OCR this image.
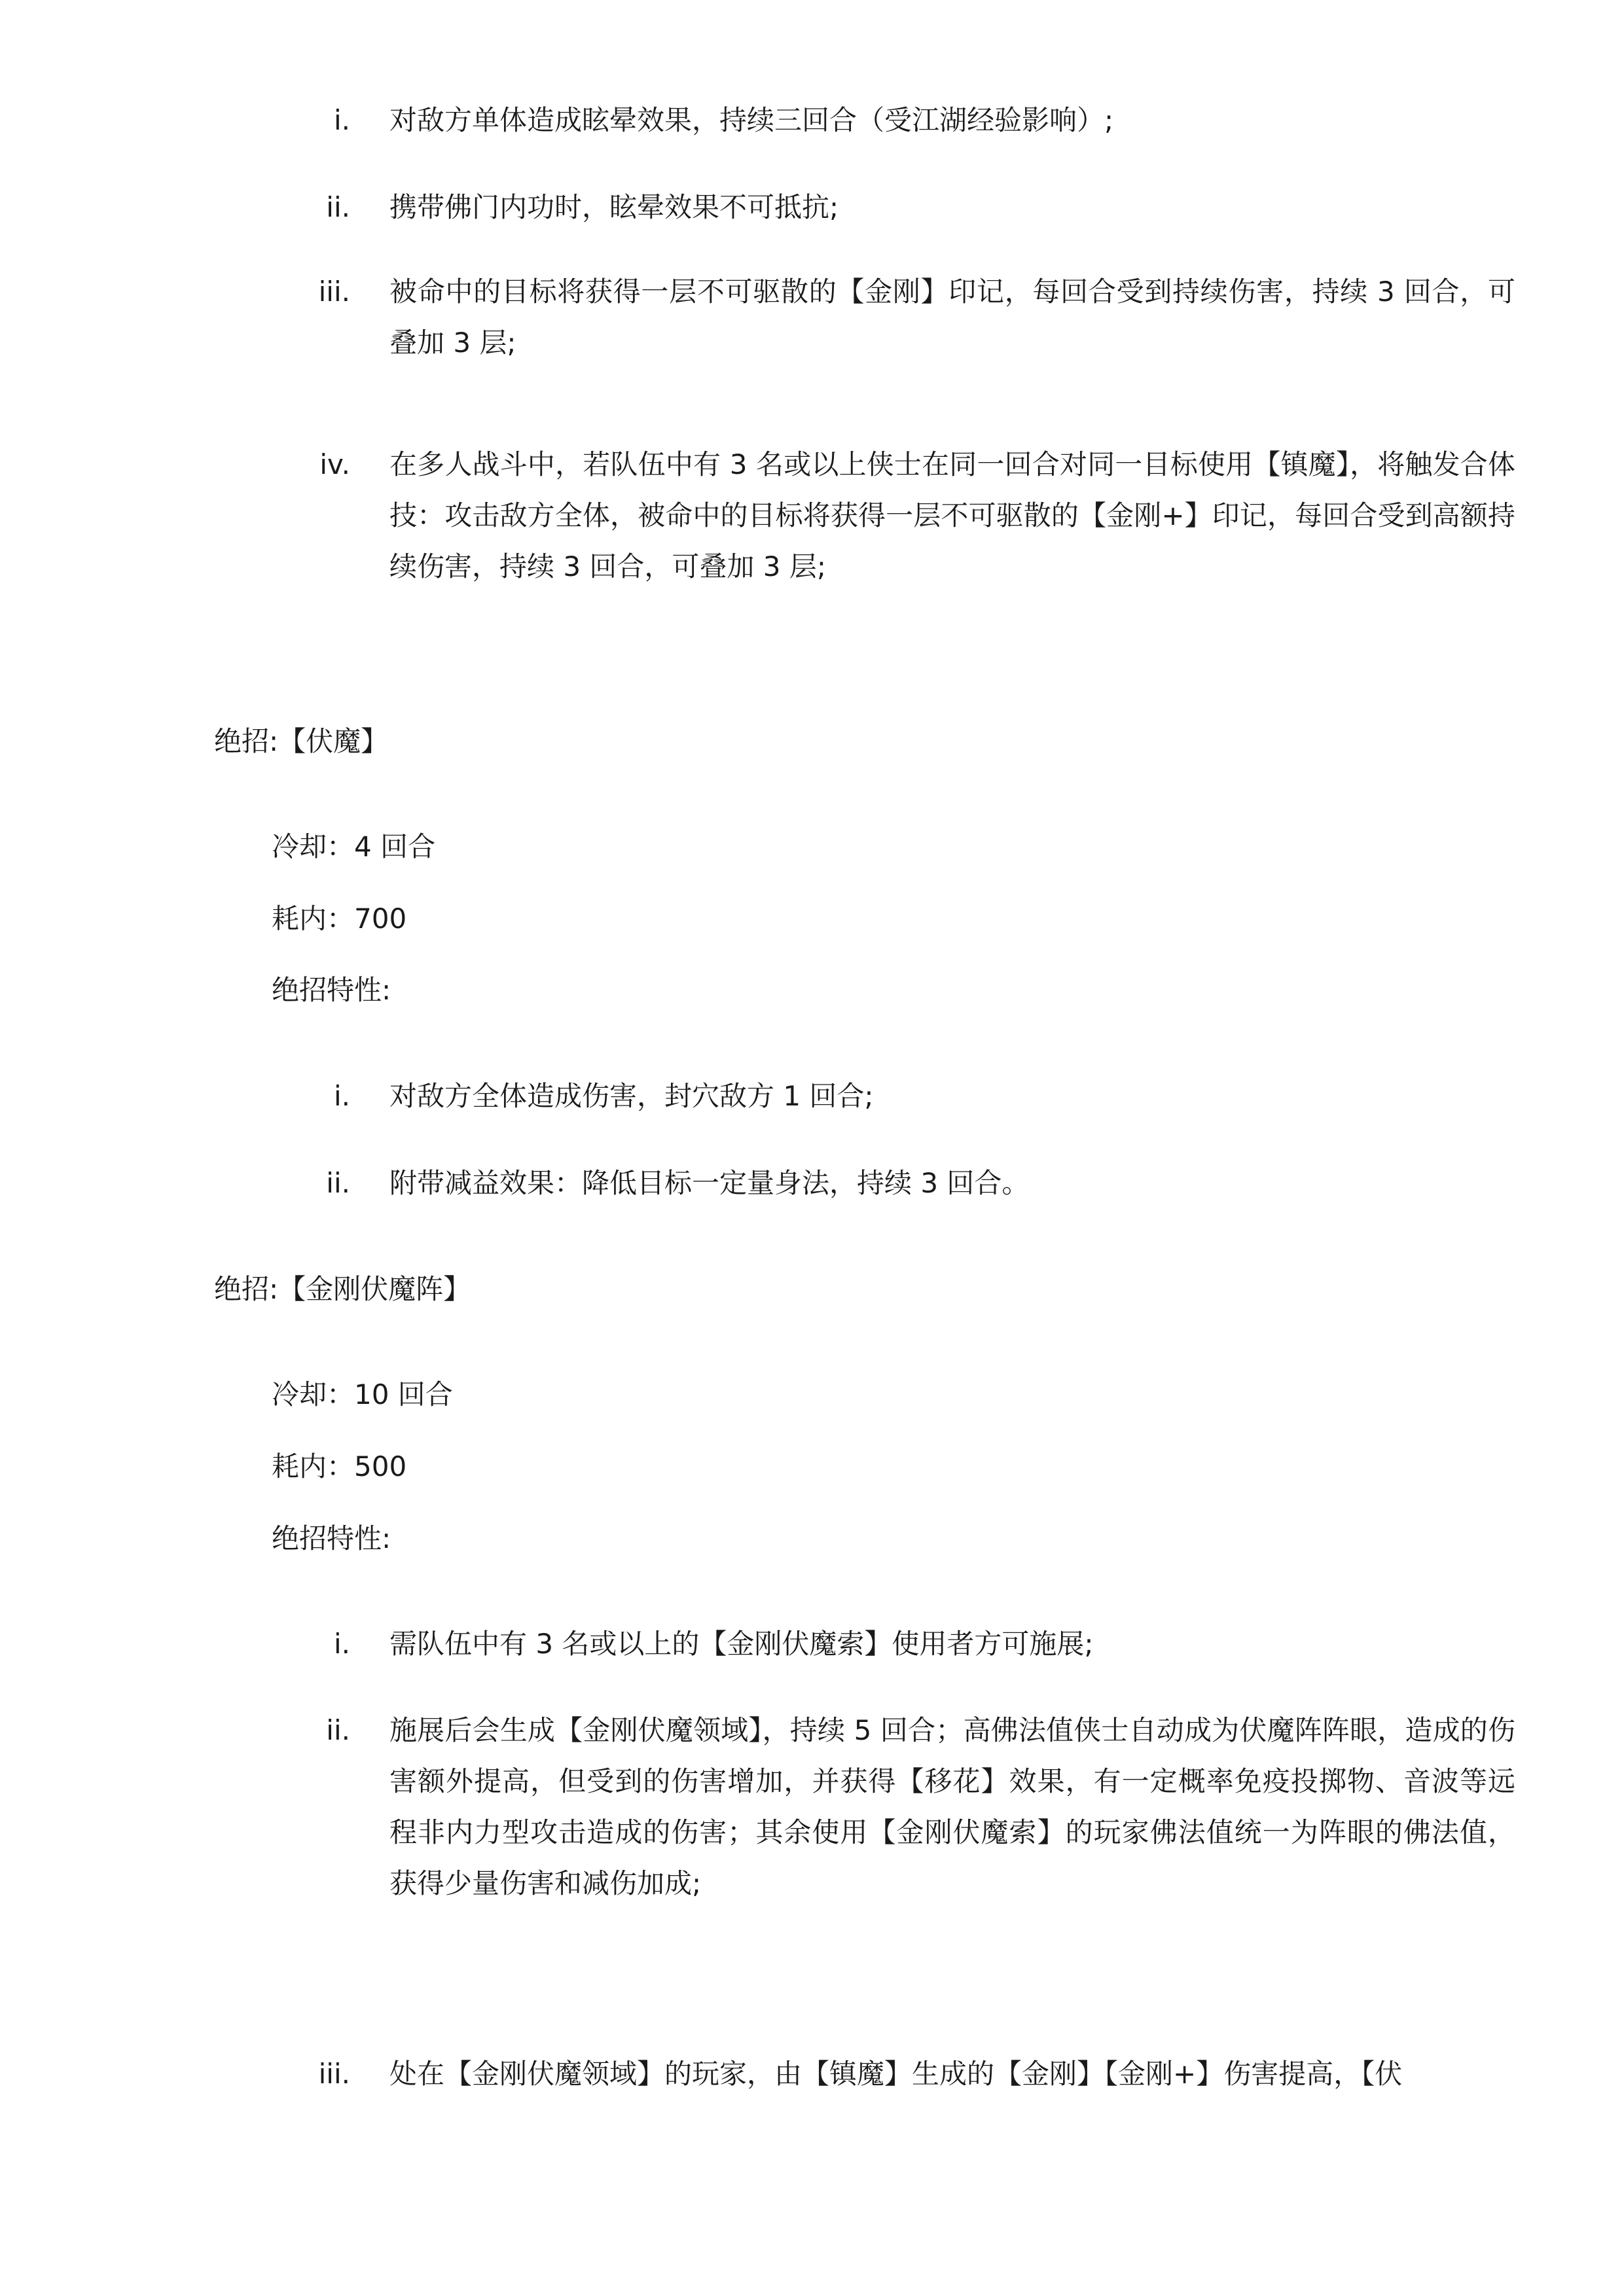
i. 对敌方单体造成眩晕效果，持续三回合（受江湖经验影响）;
ii. 携带佛门内功时，眩晕效果不可抵抗;
iii. 被命中的目标将获得一层不可驱散的【金刚】印记，每回合受到持续伤害，持续 3 回合，可叠加 3 层;
iv. 在多人战斗中，若队伍中有 3 名或以上侠士在同一回合对同一目标使用【镇魔】，将触发合体技：攻击敌方全体，被命中的目标将获得一层不可驱散的【金刚+】印记，每回合受到高额持续伤害，持续 3 回合，可叠加 3 层;
绝招:【伏魔】
冷却：4 回合
耗内：700
绝招特性:
i. 对敌方全体造成伤害，封穴敌方 1 回合;
ii. 附带减益效果：降低目标一定量身法，持续 3 回合。
绝招:【金刚伏魔阵】
冷却：10 回合
耗内：500
绝招特性:
i. 需队伍中有 3 名或以上的【金刚伏魔索】使用者方可施展;
ii. 施展后会生成【金刚伏魔领域】，持续 5 回合；高佛法值侠士自动成为伏魔阵阵眼，造成的伤害额外提高，但受到的伤害增加，并获得【移花】效果，有一定概率免疫投掷物、音波等远程非内力型攻击造成的伤害；其余使用【金刚伏魔索】的玩家佛法值统一为阵眼的佛法值，获得少量伤害和减伤加成;
iii. 处在【金刚伏魔领域】的玩家，由【镇魔】生成的【金刚】【金刚+】伤害提高，【伏
